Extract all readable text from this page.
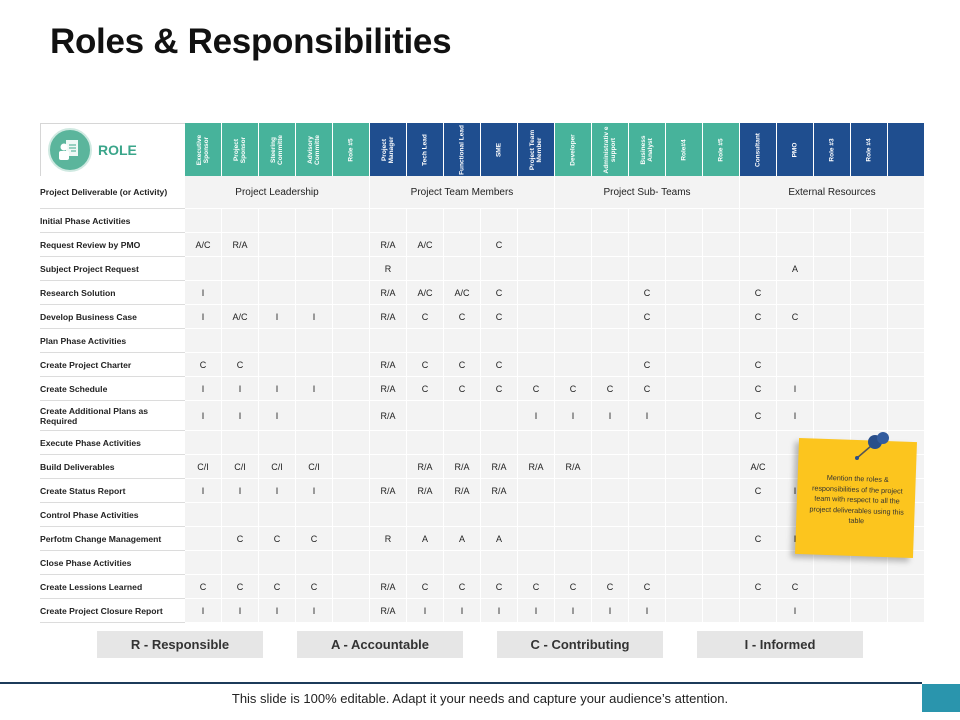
Roles & Responsibilities
ROLE	Executive Sponsor	Project Sponsor	Steering Committe	Advisory Committe	Role #5	Project Manager	Tech Lead	Functional Lead	SME	Project Team Member	Developer	Administrativ e support	Business Analyst	Role#4	Role #5	Consultant	PMO	Role #3	Role #4	

Project Deliverable (or Activity)	Project Leadership					Project Team Members					Project Sub- Teams					External Resources				
Initial Phase Activities																				
Request Review by PMO	A/C	R/A				R/A	A/C		C											
Subject Project Request						R											A			
Research Solution	I					R/A	A/C	A/C	C				C			C				
Develop Business Case	I	A/C	I	I		R/A	C	C	C				C			C	C			
Plan Phase Activities																				
Create Project Charter	C	C				R/A	C	C	C				C			C				
Create Schedule	I	I	I	I		R/A	C	C	C	C	C	C	C			C	I			
Create Additional Plans as Required	I	I	I			R/A				I	I	I	I			C	I			
Execute Phase Activities																				
Build Deliverables	C/I	C/I	C/I	C/I			R/A	R/A	R/A	R/A	R/A					A/C				
Create Status Report	I	I	I	I		R/A	R/A	R/A	R/A							C	I			
Control Phase Activities																				
Perfotm Change Management		C	C	C		R	A	A	A							C				
Close Phase Activities																				
Create Lessions Learned	C	C	C	C		R/A	C	C	C	C	C	C	C			C	C			
Create Project Closure Report	I	I	I	I		R/A	I	I	I	I	I	I	I				I			
R - Responsible	A - Accountable	C - Contributing	I - Informed
Mention the roles & responsibilities of the project team with respect to all the project deliverables using this table
This slide is 100% editable. Adapt it your needs and capture your audience’s attention.
